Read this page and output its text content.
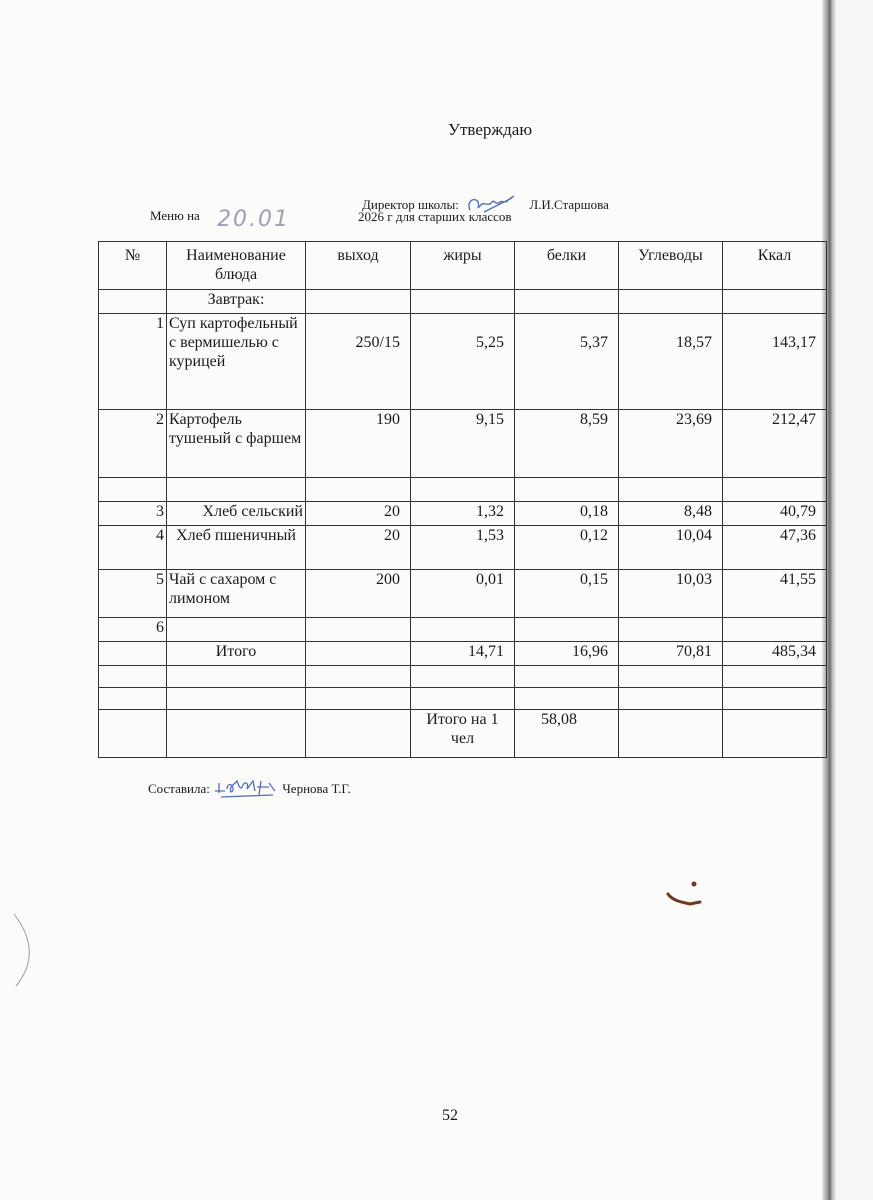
Утверждаю
Директор школы:	Л.И.Старшова
Меню на 20.01	2026 г для старших классов
№	Наименование блюда	выход	жиры	белки	Углеводы	Ккал
	Завтрак:					
1	Суп картофельный с вермишелью с курицей	250/15	5,25	5,37	18,57	143,17
2	Картофель тушеный с фаршем	190	9,15	8,59	23,69	212,47

3	Хлеб сельский	20	1,32	0,18	8,48	40,79
4	Хлеб пшеничный	20	1,53	0,12	10,04	47,36
5	Чай с сахаром с лимоном	200	0,01	0,15	10,03	41,55
6						
	Итого		14,71	16,96	70,81	485,34

			Итого на 1 чел	58,08		
Составила:	Чернова Т.Г.
52
